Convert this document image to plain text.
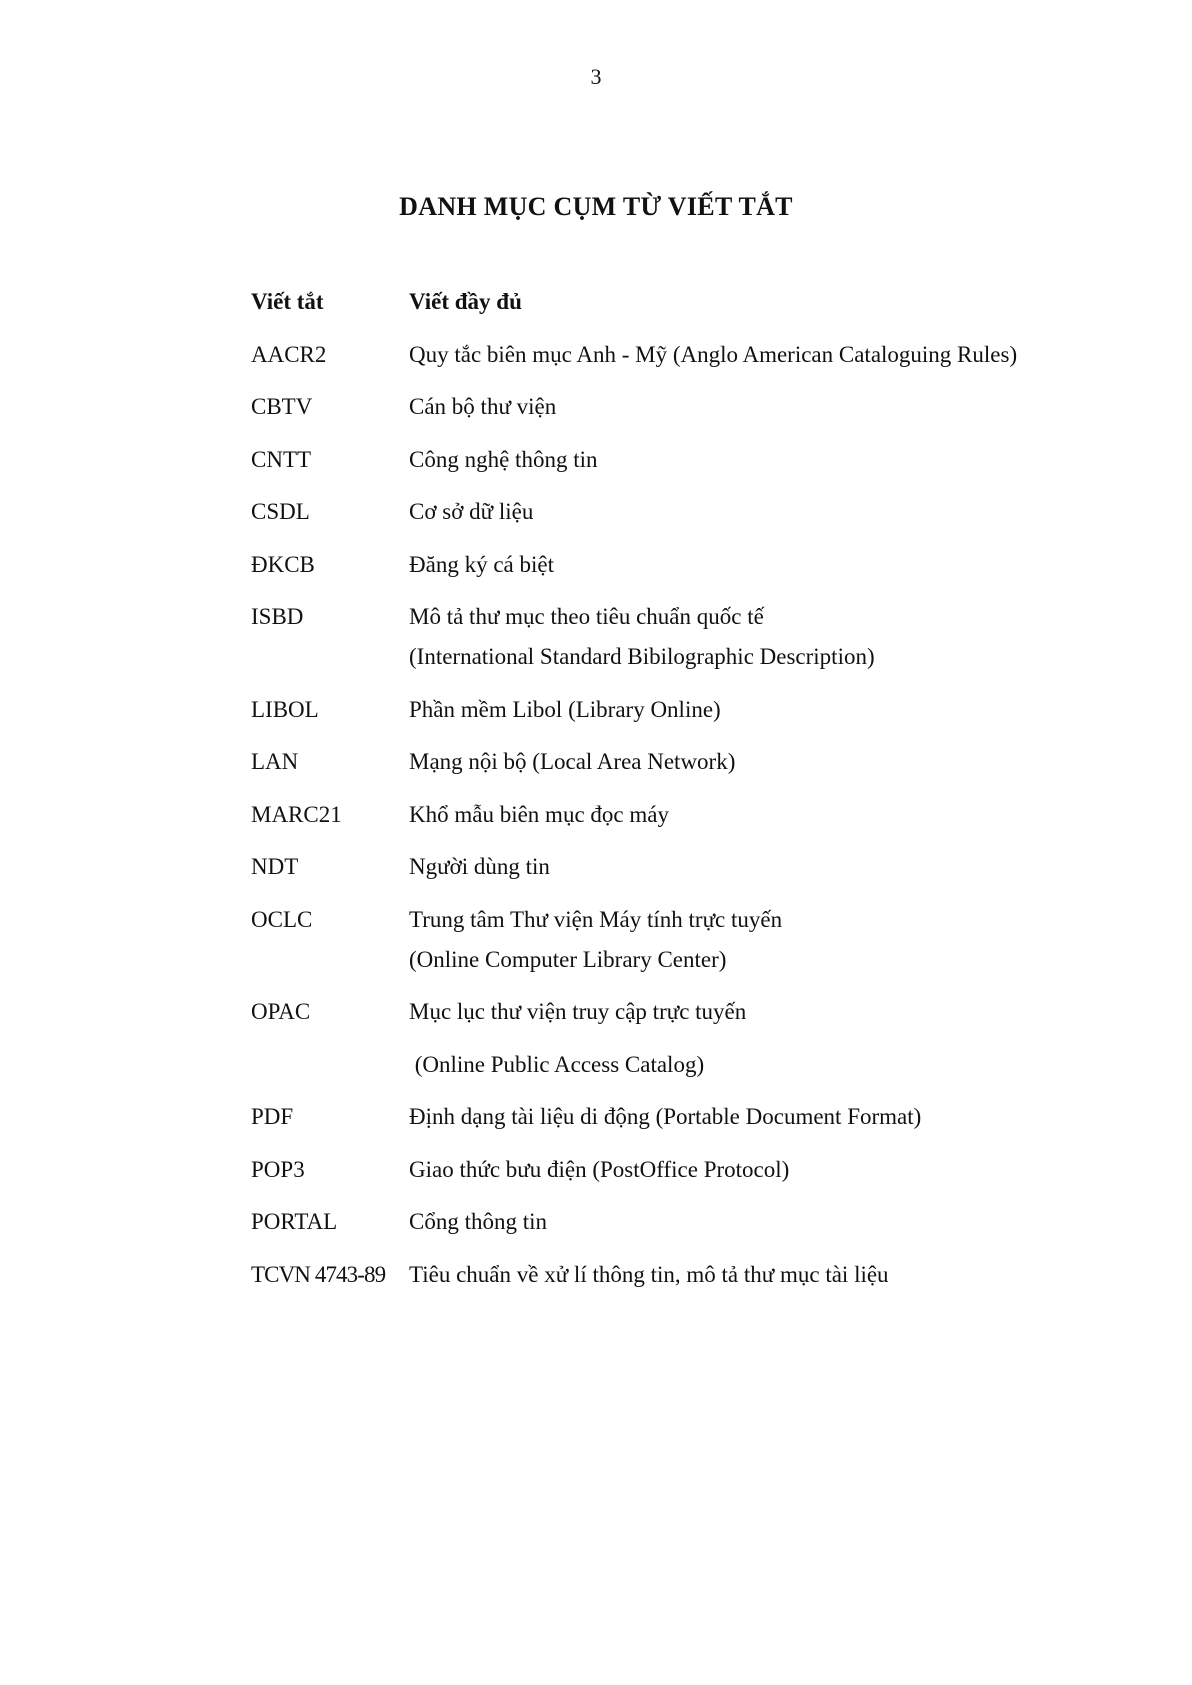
3
DANH MỤC CỤM TỪ VIẾT TẮT
Viết tắt	Viết đầy đủ
AACR2	Quy tắc biên mục Anh - Mỹ (Anglo American Cataloguing Rules)
CBTV	Cán bộ thư viện
CNTT	Công nghệ thông tin
CSDL	Cơ sở dữ liệu
ĐKCB	Đăng ký cá biệt
ISBD	Mô tả thư mục theo tiêu chuẩn quốc tế
(International Standard Bibilographic Description)
LIBOL	Phần mềm Libol (Library Online)
LAN	Mạng nội bộ (Local Area Network)
MARC21	Khổ mẫu biên mục đọc máy
NDT	Người dùng tin
OCLC	Trung tâm Thư viện Máy tính trực tuyến
(Online Computer Library Center)
OPAC	Mục lục thư viện truy cập trực tuyến
(Online Public Access Catalog)
PDF	Định dạng tài liệu di động (Portable Document Format)
POP3	Giao thức bưu điện (PostOffice Protocol)
PORTAL	Cổng thông tin
TCVN 4743-89	Tiêu chuẩn về xử lí thông tin, mô tả thư mục tài liệu
